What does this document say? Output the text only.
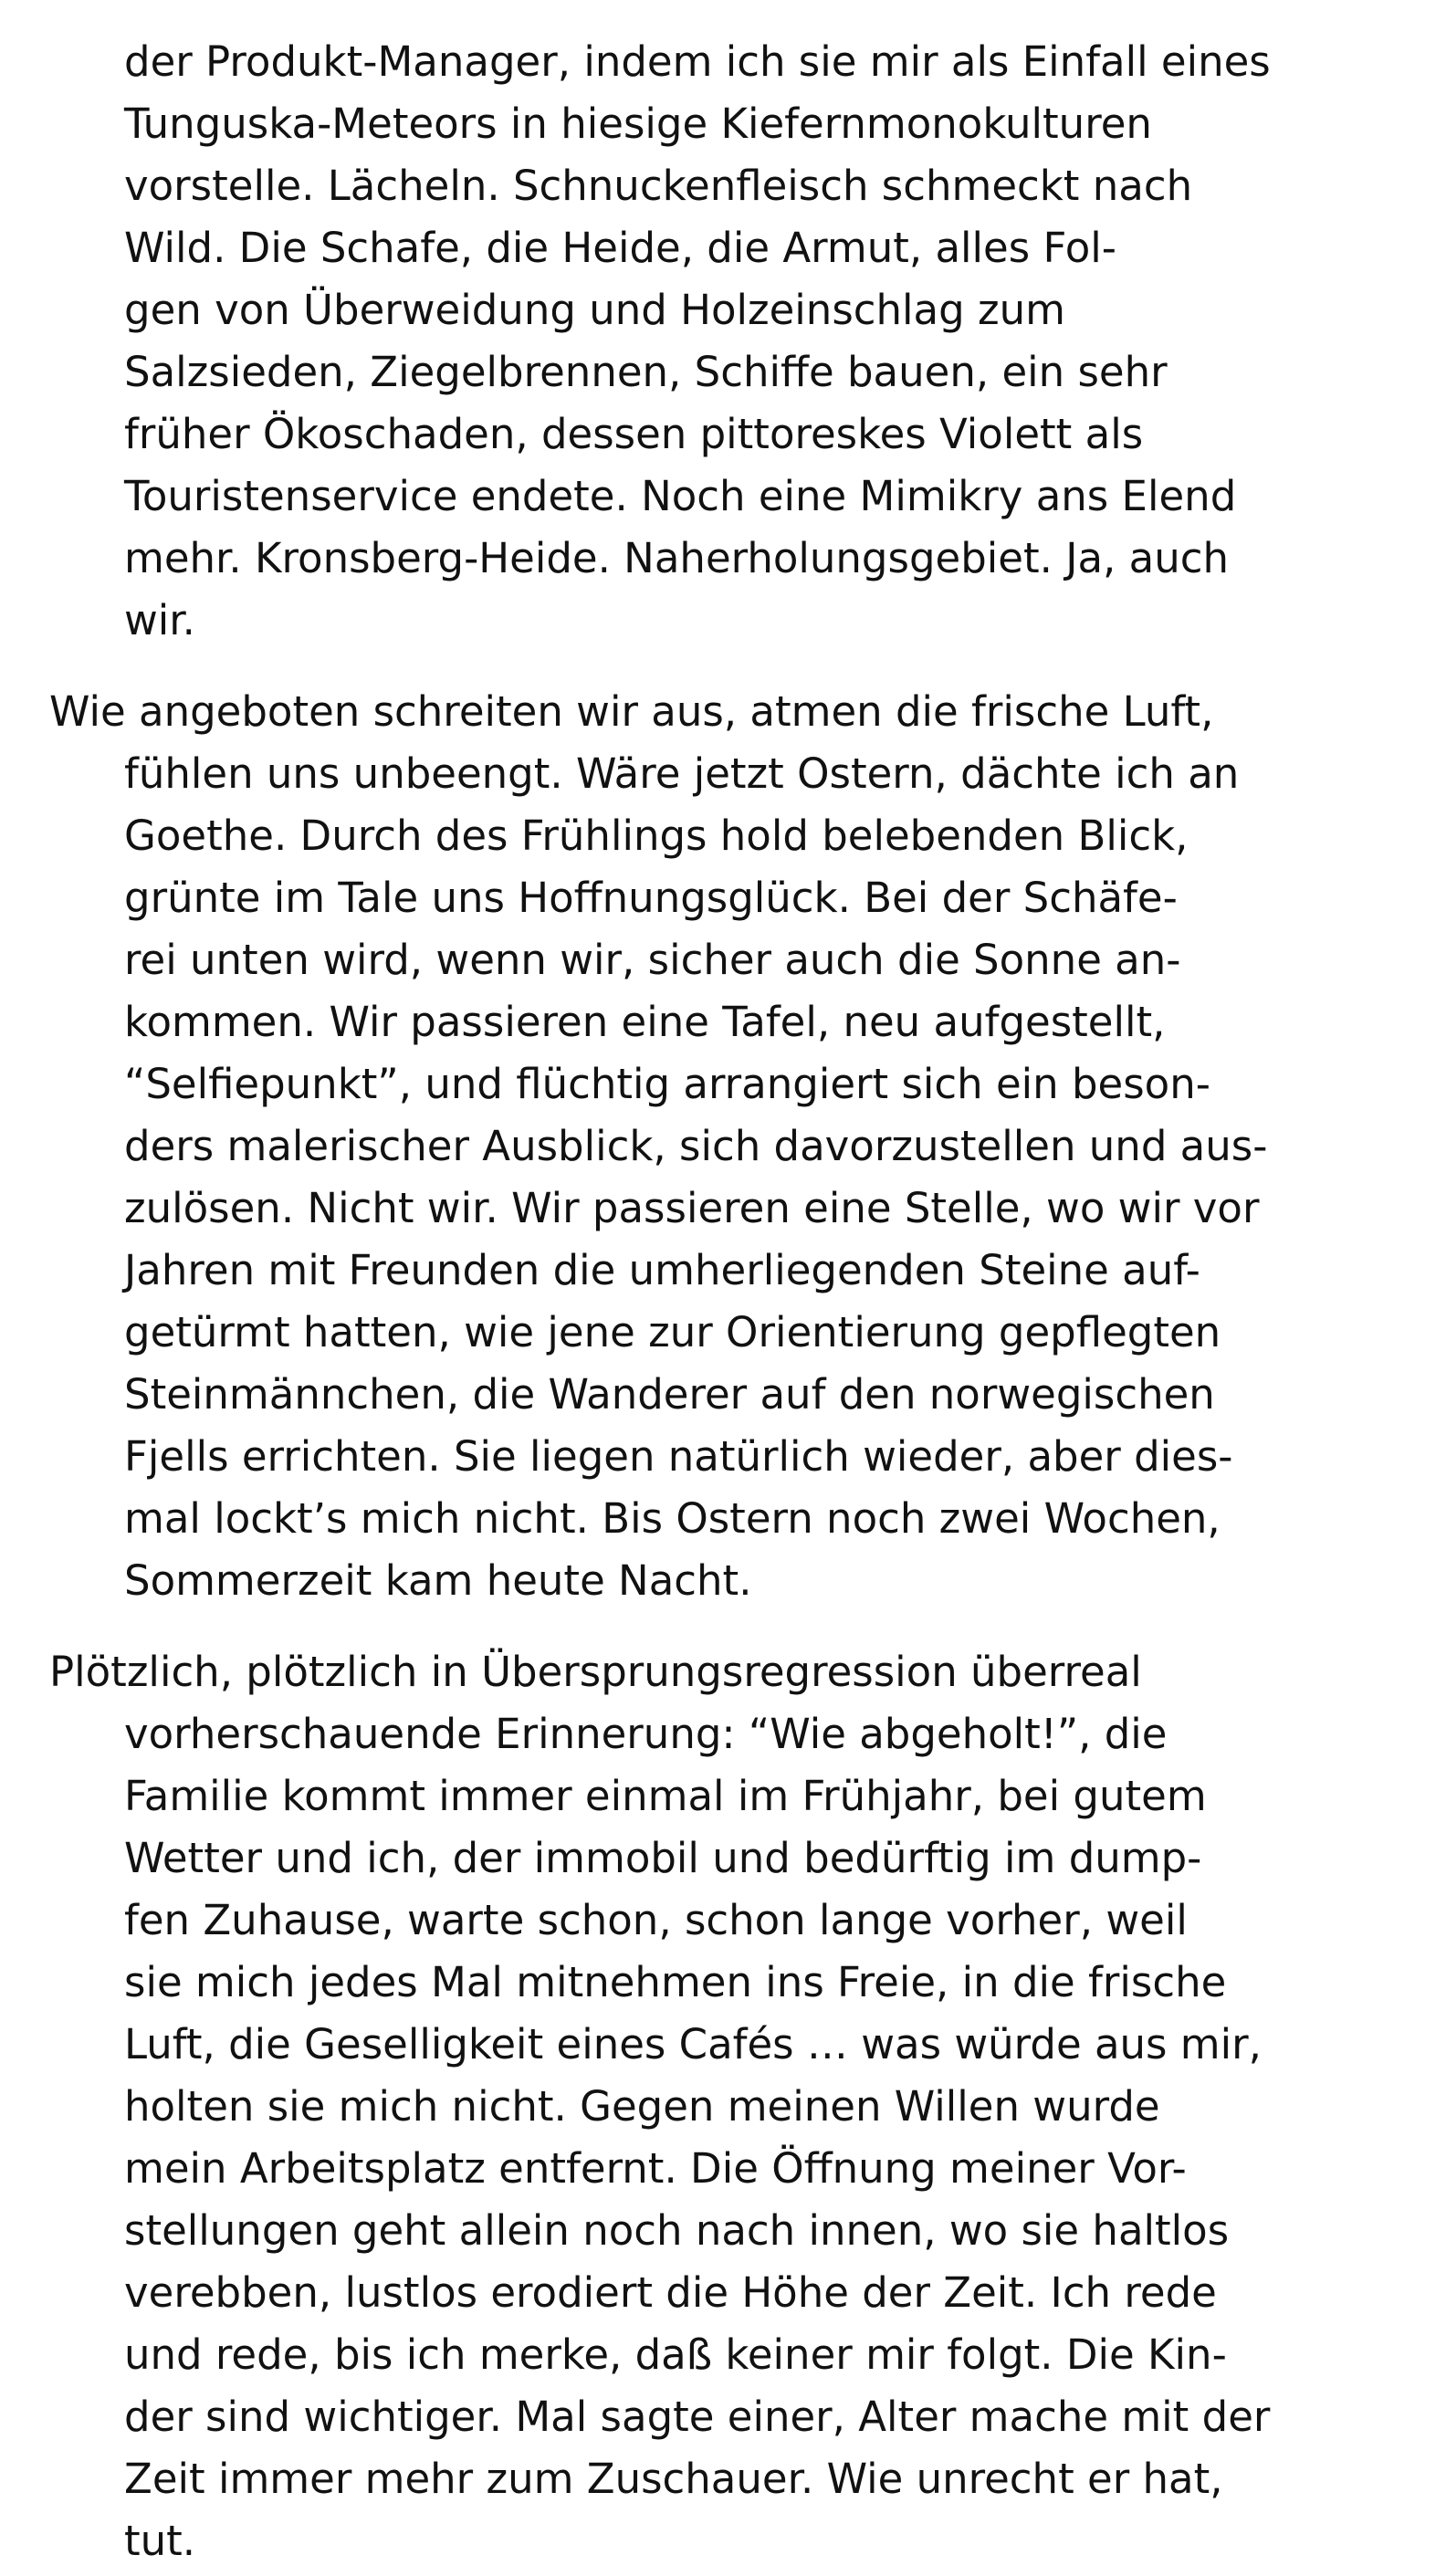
der Produkt-Manager, indem ich sie mir als Einfall eines
Tunguska-Meteors in hiesige Kiefernmonokulturen
vorstelle. Lächeln. Schnuckenfleisch schmeckt nach
Wild. Die Schafe, die Heide, die Armut, alles Fol-
gen von Überweidung und Holzeinschlag zum
Salzsieden, Ziegelbrennen, Schiffe bauen, ein sehr
früher Ökoschaden, dessen pittoreskes Violett als
Touristenservice endete. Noch eine Mimikry ans Elend
mehr. Kronsberg-Heide. Naherholungsgebiet. Ja, auch
wir.
Wie angeboten schreiten wir aus, atmen die frische Luft,
fühlen uns unbeengt. Wäre jetzt Ostern, dächte ich an
Goethe. Durch des Frühlings hold belebenden Blick,
grünte im Tale uns Hoffnungsglück. Bei der Schäfe-
rei unten wird, wenn wir, sicher auch die Sonne an-
kommen. Wir passieren eine Tafel, neu aufgestellt,
“Selfiepunkt”, und flüchtig arrangiert sich ein beson-
ders malerischer Ausblick, sich davorzustellen und aus-
zulösen. Nicht wir. Wir passieren eine Stelle, wo wir vor
Jahren mit Freunden die umherliegenden Steine auf-
getürmt hatten, wie jene zur Orientierung gepflegten
Steinmännchen, die Wanderer auf den norwegischen
Fjells errichten. Sie liegen natürlich wieder, aber dies-
mal lockt’s mich nicht. Bis Ostern noch zwei Wochen,
Sommerzeit kam heute Nacht.
Plötzlich, plötzlich in Übersprungsregression überreal
vorherschauende Erinnerung: “Wie abgeholt!”, die
Familie kommt immer einmal im Frühjahr, bei gutem
Wetter und ich, der immobil und bedürftig im dump-
fen Zuhause, warte schon, schon lange vorher, weil
sie mich jedes Mal mitnehmen ins Freie, in die frische
Luft, die Geselligkeit eines Cafés … was würde aus mir,
holten sie mich nicht. Gegen meinen Willen wurde
mein Arbeitsplatz entfernt. Die Öffnung meiner Vor-
stellungen geht allein noch nach innen, wo sie haltlos
verebben, lustlos erodiert die Höhe der Zeit. Ich rede
und rede, bis ich merke, daß keiner mir folgt. Die Kin-
der sind wichtiger. Mal sagte einer, Alter mache mit der
Zeit immer mehr zum Zuschauer. Wie unrecht er hat,
tut.
